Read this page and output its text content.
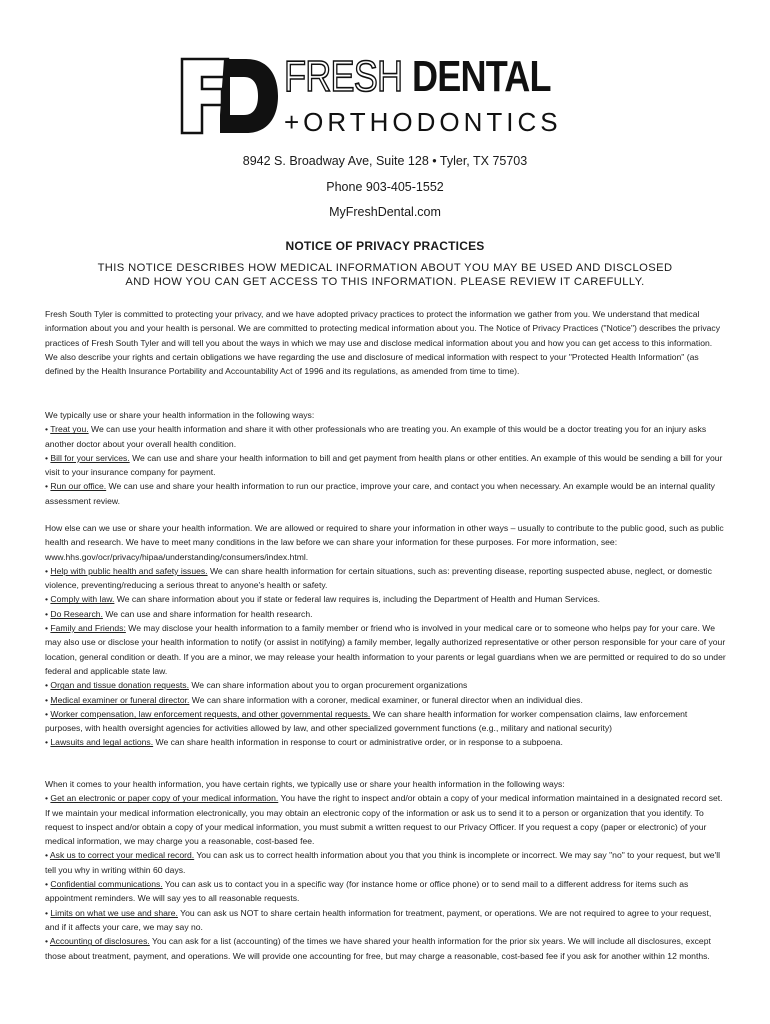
FRESH DENTAL
+ORTHODONTICS
8942 S. Broadway Ave, Suite 128 • Tyler, TX 75703
Phone 903-405-1552
MyFreshDental.com
NOTICE OF PRIVACY PRACTICES
THIS NOTICE DESCRIBES HOW MEDICAL INFORMATION ABOUT YOU MAY BE USED AND DISCLOSED
AND HOW YOU CAN GET ACCESS TO THIS INFORMATION. PLEASE REVIEW IT CAREFULLY.

Fresh South Tyler is committed to protecting your privacy, and we have adopted privacy practices to protect the information we gather from you. We understand that medical information about you and your health is personal. We are committed to protecting medical information about you. The Notice of Privacy Practices ("Notice") describes the privacy practices of Fresh South Tyler and will tell you about the ways in which we may use and disclose medical information about you and how you can get access to this information. We also describe your rights and certain obligations we have regarding the use and disclosure of medical information with respect to your "Protected Health Information" (as defined by the Health Insurance Portability and Accountability Act of 1996 and its regulations, as amended from time to time).

We typically use or share your health information in the following ways:

• Treat you. We can use your health information and share it with other professionals who are treating you. An example of this would be a doctor treating you for an injury asks another doctor about your overall health condition.

• Bill for your services. We can use and share your health information to bill and get payment from health plans or other entities. An example of this would be sending a bill for your visit to your insurance company for payment.

• Run our office. We can use and share your health information to run our practice, improve your care, and contact you when necessary. An example would be an internal quality assessment review.

How else can we use or share your health information. We are allowed or required to share your information in other ways – usually to contribute to the public good, such as public health and research. We have to meet many conditions in the law before we can share your information for these purposes. For more information, see: www.hhs.gov/ocr/privacy/hipaa/understanding/consumers/index.html.

• Help with public health and safety issues. We can share health information for certain situations, such as: preventing disease, reporting suspected abuse, neglect, or domestic violence, preventing/reducing a serious threat to anyone's health or safety.

• Comply with law. We can share information about you if state or federal law requires is, including the Department of Health and Human Services.

• Do Research. We can use and share information for health research.

• Family and Friends: We may disclose your health information to a family member or friend who is involved in your medical care or to someone who helps pay for your care. We may also use or disclose your health information to notify (or assist in notifying) a family member, legally authorized representative or other person responsible for your care of your location, general condition or death. If you are a minor, we may release your health information to your parents or legal guardians when we are permitted or required to do so under federal and applicable state law.

• Organ and tissue donation requests. We can share information about you to organ procurement organizations

• Medical examiner or funeral director. We can share information with a coroner, medical examiner, or funeral director when an individual dies.

• Worker compensation, law enforcement requests, and other governmental requests. We can share health information for worker compensation claims, law enforcement purposes, with health oversight agencies for activities allowed by law, and other specialized government functions (e.g., military and national security)

• Lawsuits and legal actions. We can share health information in response to court or administrative order, or in response to a subpoena.

When it comes to your health information, you have certain rights, we typically use or share your health information in the following ways:

• Get an electronic or paper copy of your medical information. You have the right to inspect and/or obtain a copy of your medical information maintained in a designated record set. If we maintain your medical information electronically, you may obtain an electronic copy of the information or ask us to send it to a person or organization that you identify. To request to inspect and/or obtain a copy of your medical information, you must submit a written request to our Privacy Officer. If you request a copy (paper or electronic) of your medical information, we may charge you a reasonable, cost-based fee.

• Ask us to correct your medical record. You can ask us to correct health information about you that you think is incomplete or incorrect. We may say "no" to your request, but we'll tell you why in writing within 60 days.

• Confidential communications. You can ask us to contact you in a specific way (for instance home or office phone) or to send mail to a different address for items such as appointment reminders. We will say yes to all reasonable requests.

• Limits on what we use and share. You can ask us NOT to share certain health information for treatment, payment, or operations. We are not required to agree to your request, and if it affects your care, we may say no.

• Accounting of disclosures. You can ask for a list (accounting) of the times we have shared your health information for the prior six years. We will include all disclosures, except those about treatment, payment, and operations. We will provide one accounting for free, but may charge a reasonable, cost-based fee if you ask for another within 12 months.
